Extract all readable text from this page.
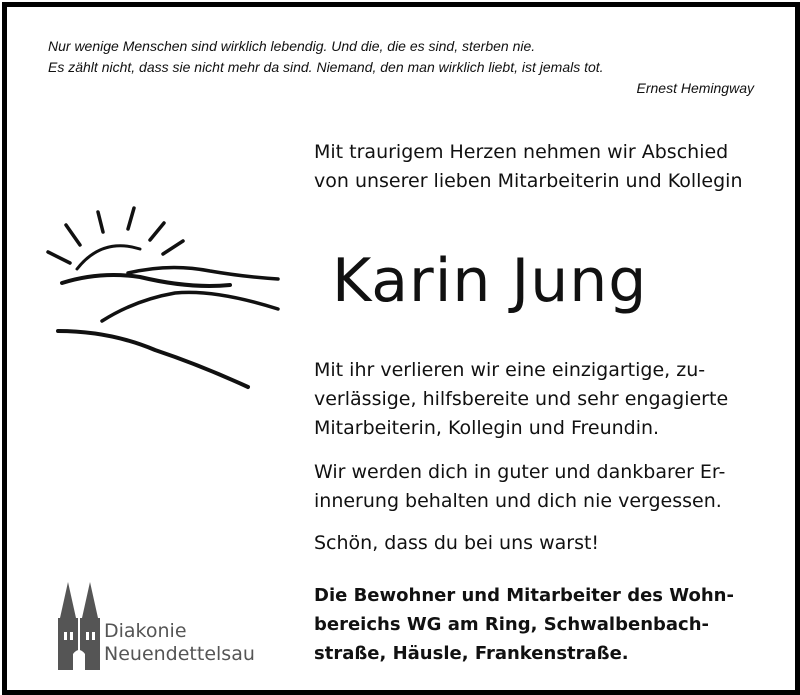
Nur wenige Menschen sind wirklich lebendig. Und die, die es sind, sterben nie.
Es zählt nicht, dass sie nicht mehr da sind. Niemand, den man wirklich liebt, ist jemals tot.
Ernest Hemingway
Mit traurigem Herzen nehmen wir Abschied von unserer lieben Mitarbeiterin und Kollegin
Karin Jung
Mit ihr verlieren wir eine einzigartige, zu-
verlässige, hilfsbereite und sehr engagierte
Mitarbeiterin, Kollegin und Freundin.
Wir werden dich in guter und dankbarer Er-
innerung behalten und dich nie vergessen.
Schön, dass du bei uns warst!
Die Bewohner und Mitarbeiter des Wohn-
bereichs WG am Ring, Schwalbenbach-
straße, Häusle, Frankenstraße.
Diakonie
Neuendettelsau
